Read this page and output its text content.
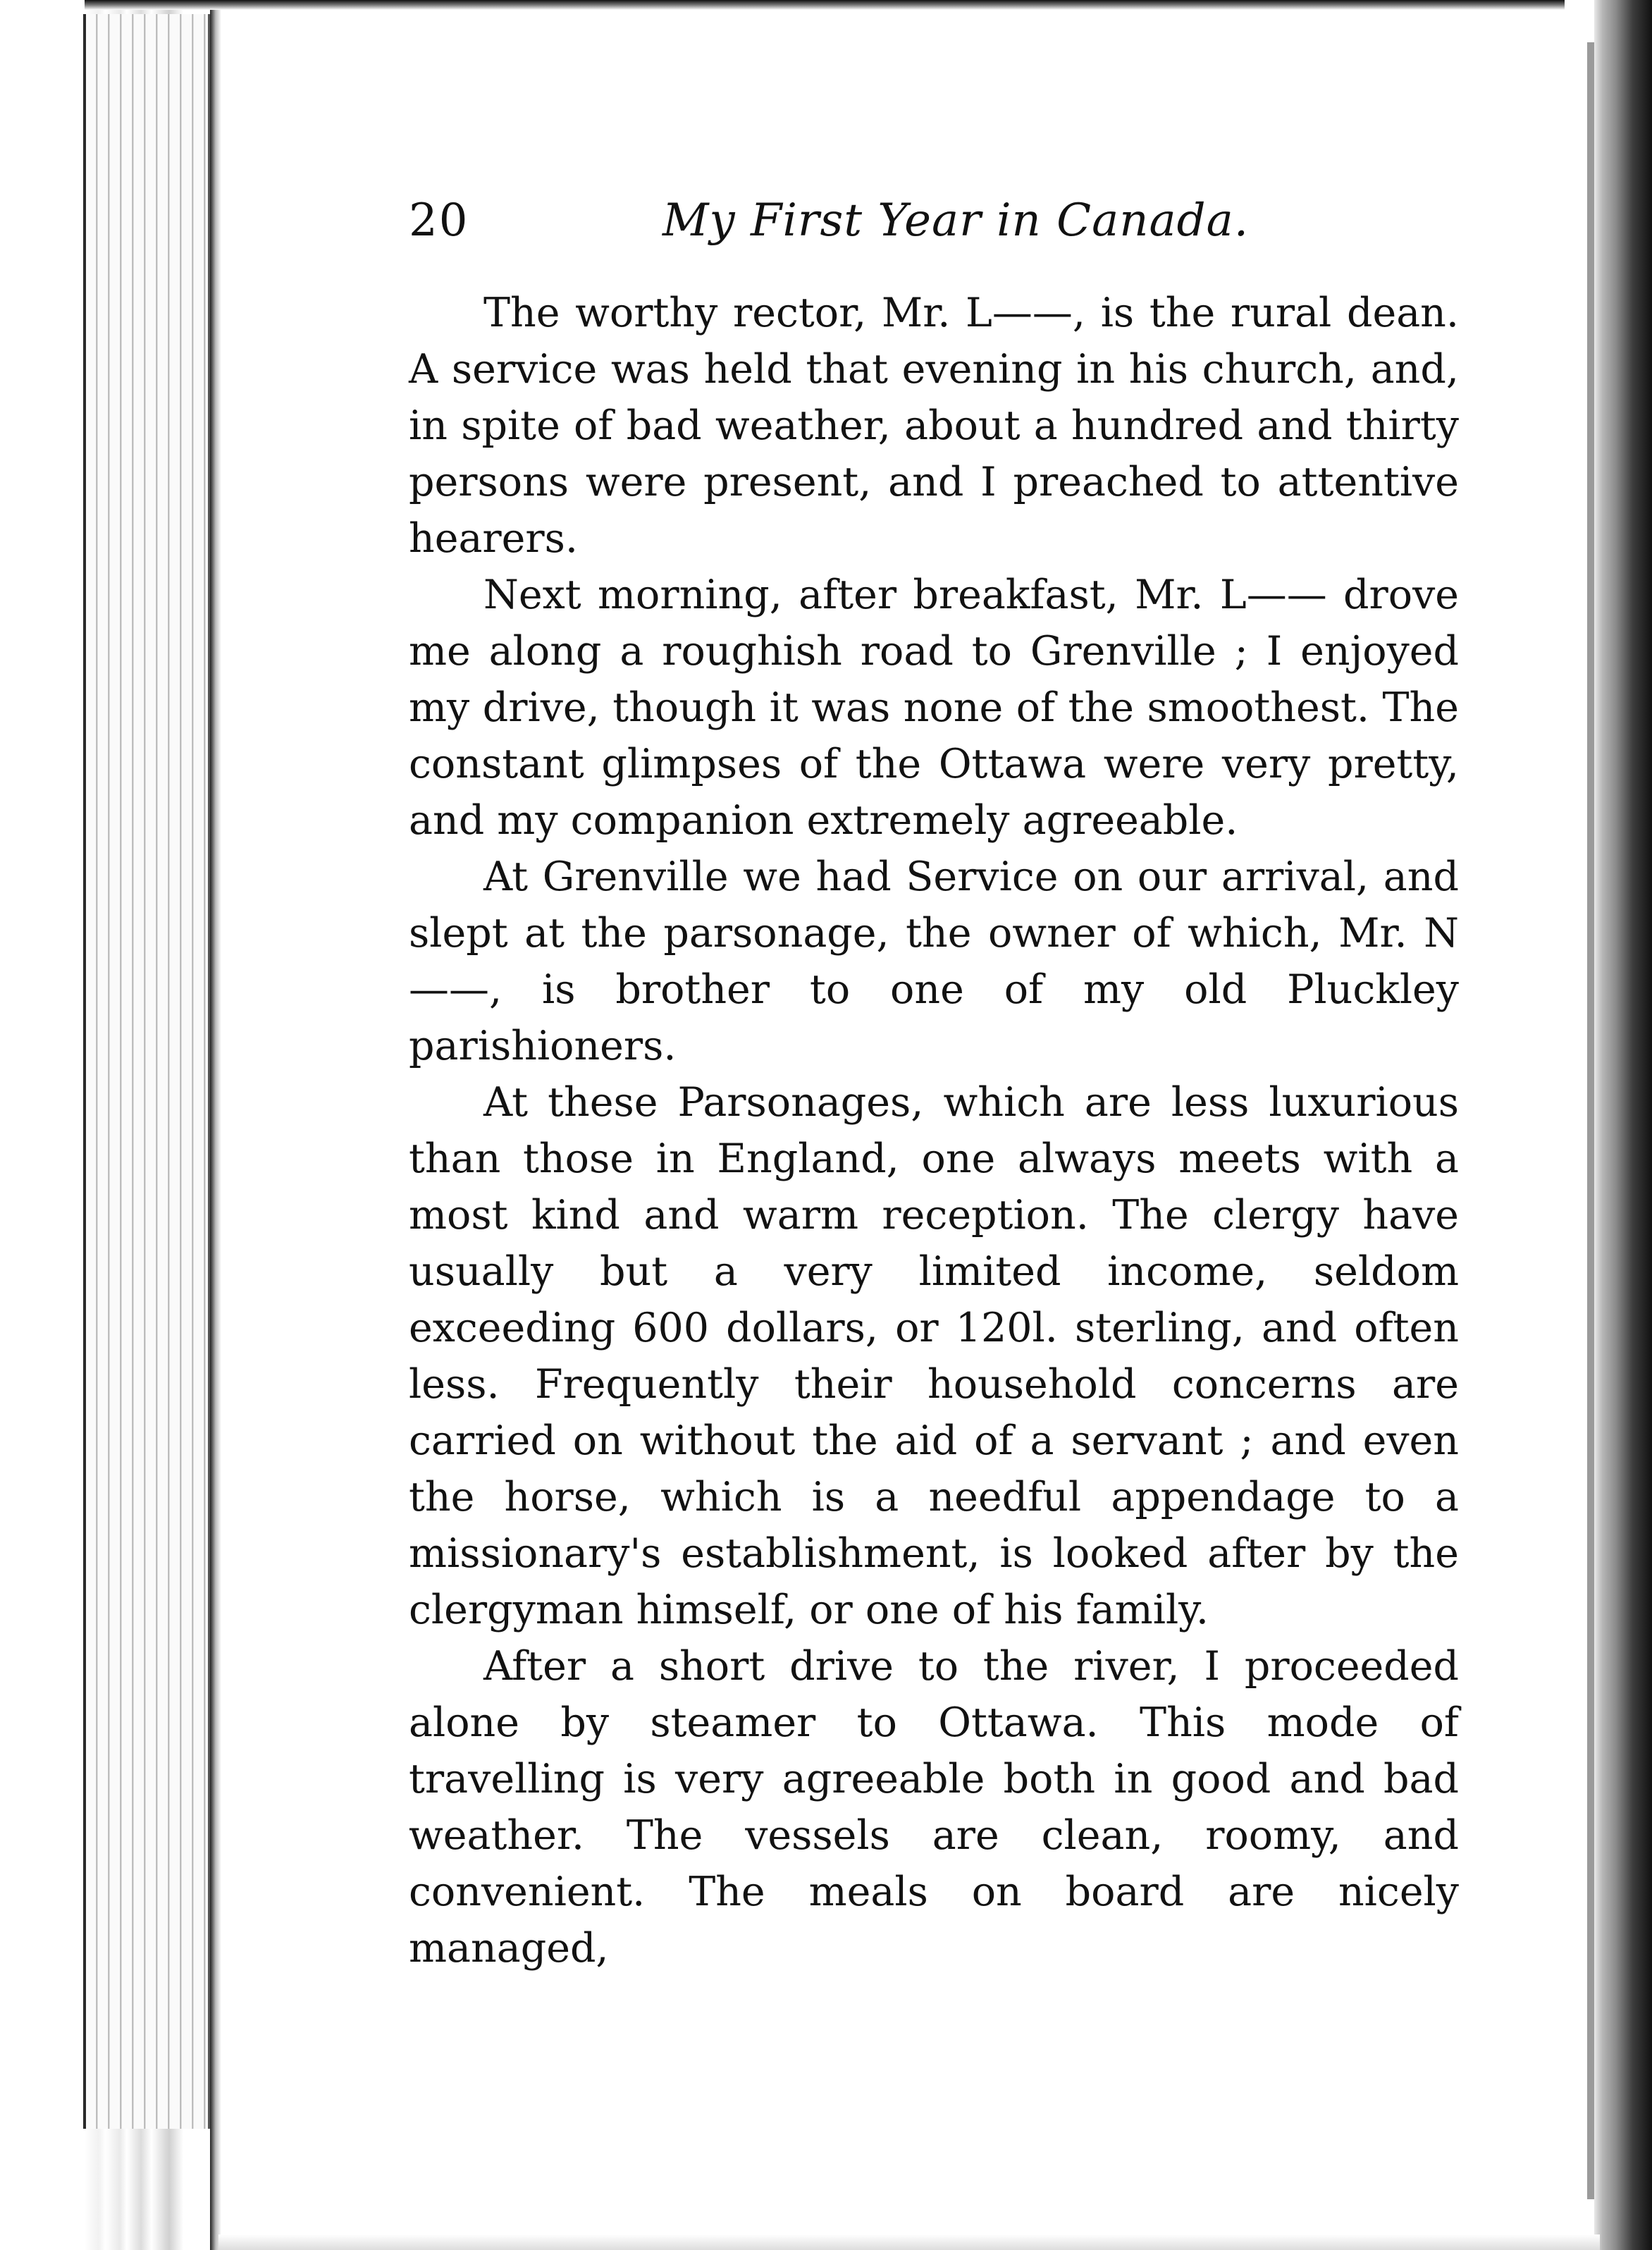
20	My First Year in Canada.

The worthy rector, Mr. L——, is the rural dean. A service was held that evening in his church, and, in spite of bad weather, about a hundred and thirty persons were present, and I preached to attentive hearers.

Next morning, after breakfast, Mr. L—— drove me along a roughish road to Grenville ; I enjoyed my drive, though it was none of the smoothest. The constant glimpses of the Ottawa were very pretty, and my companion extremely agreeable.

At Grenville we had Service on our arrival, and slept at the parsonage, the owner of which, Mr. N——, is brother to one of my old Pluckley parishioners.

At these Parsonages, which are less luxurious than those in England, one always meets with a most kind and warm reception. The clergy have usually but a very limited income, seldom exceeding 600 dollars, or 120l. sterling, and often less. Frequently their household concerns are carried on without the aid of a servant ; and even the horse, which is a needful appendage to a missionary's establishment, is looked after by the clergyman himself, or one of his family.

After a short drive to the river, I proceeded alone by steamer to Ottawa. This mode of travelling is very agreeable both in good and bad weather. The vessels are clean, roomy, and convenient. The meals on board are nicely managed,
